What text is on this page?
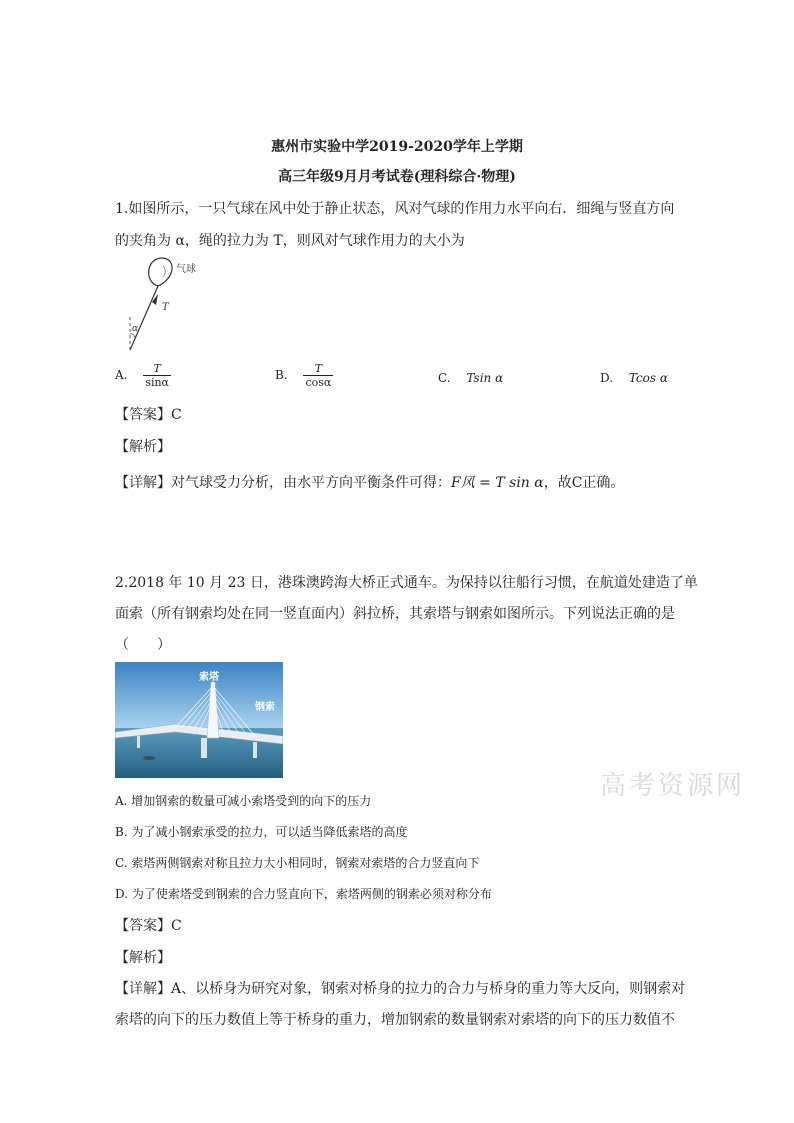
惠州市实验中学2019-2020学年上学期
高三年级9月月考试卷(理科综合·物理)
1.如图所示，一只气球在风中处于静止状态，风对气球的作用力水平向右．细绳与竖直方向
的夹角为 α，绳的拉力为 T，则风对气球作用力的大小为
气球
T
α
A. $\frac{T}{\sin\alpha}$	B. $\frac{T}{\cos\alpha}$	C. Tsin α	D. Tcos α
【答案】C
【解析】
【详解】对气球受力分析，由水平方向平衡条件可得：F风 = T sin α，故C正确。
2.2018 年 10 月 23 日，港珠澳跨海大桥正式通车。为保持以往船行习惯，在航道处建造了单
面索（所有钢索均处在同一竖直面内）斜拉桥，其索塔与钢索如图所示。下列说法正确的是
（　　）
索塔
钢索
高考资源网
A. 增加钢索的数量可减小索塔受到的向下的压力
B. 为了减小钢索承受的拉力，可以适当降低索塔的高度
C. 索塔两侧钢索对称且拉力大小相同时，钢索对索塔的合力竖直向下
D. 为了使索塔受到钢索的合力竖直向下，索塔两侧的钢索必须对称分布
【答案】C
【解析】
【详解】A、以桥身为研究对象，钢索对桥身的拉力的合力与桥身的重力等大反向，则钢索对
索塔的向下的压力数值上等于桥身的重力，增加钢索的数量钢索对索塔的向下的压力数值不
